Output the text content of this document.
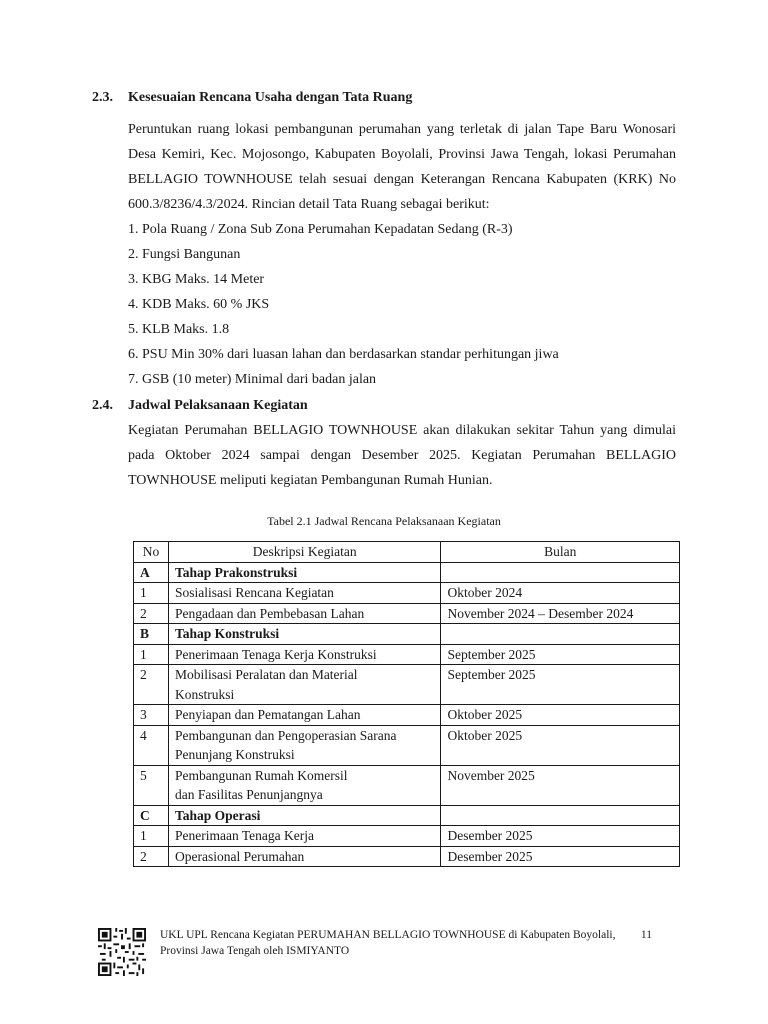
2.3. Kesesuaian Rencana Usaha dengan Tata Ruang

Peruntukan ruang lokasi pembangunan perumahan yang terletak di jalan Tape Baru Wonosari Desa Kemiri, Kec. Mojosongo, Kabupaten Boyolali, Provinsi Jawa Tengah, lokasi Perumahan BELLAGIO TOWNHOUSE telah sesuai dengan Keterangan Rencana Kabupaten (KRK) No 600.3/8236/4.3/2024. Rincian detail Tata Ruang sebagai berikut:

1. Pola Ruang / Zona Sub Zona Perumahan Kepadatan Sedang (R-3)
2. Fungsi Bangunan
3. KBG Maks. 14 Meter
4. KDB Maks. 60 % JKS
5. KLB Maks. 1.8
6. PSU Min 30% dari luasan lahan dan berdasarkan standar perhitungan jiwa
7. GSB (10 meter) Minimal dari badan jalan
2.4. Jadwal Pelaksanaan Kegiatan

Kegiatan Perumahan BELLAGIO TOWNHOUSE akan dilakukan sekitar Tahun yang dimulai pada Oktober 2024 sampai dengan Desember 2025. Kegiatan Perumahan BELLAGIO TOWNHOUSE meliputi kegiatan Pembangunan Rumah Hunian.

Tabel 2.1 Jadwal Rencana Pelaksanaan Kegiatan
No	Deskripsi Kegiatan	Bulan
A	Tahap Prakonstruksi	

1	Sosialisasi Rencana Kegiatan	Oktober 2024
2	Pengadaan dan Pembebasan Lahan	November 2024 – Desember 2024
B	Tahap Konstruksi	

1	Penerimaan Tenaga Kerja Konstruksi	September 2025
2	Mobilisasi Peralatan dan Material
Konstruksi	September 2025
3	Penyiapan dan Pematangan Lahan	Oktober 2025
4	Pembangunan dan Pengoperasian Sarana
Penunjang Konstruksi	Oktober 2025
5	Pembangunan Rumah Komersil
dan Fasilitas Penunjangnya	November 2025
C	Tahap Operasi	

1	Penerimaan Tenaga Kerja	Desember 2025
2	Operasional Perumahan	Desember 2025
UKL UPL Rencana Kegiatan PERUMAHAN BELLAGIO TOWNHOUSE di Kabupaten Boyolali,
Provinsi Jawa Tengah oleh ISMIYANTO
11
